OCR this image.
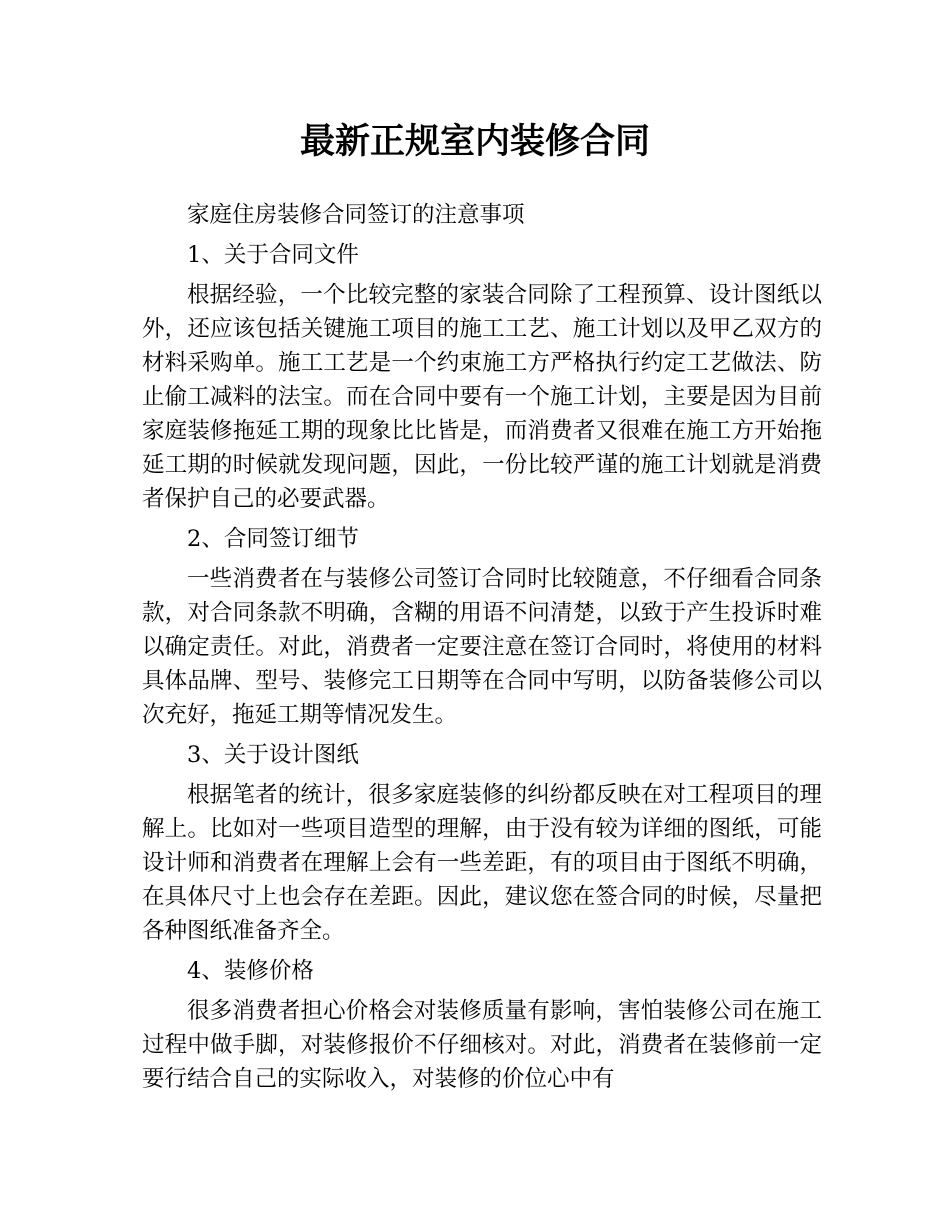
最新正规室内装修合同

家庭住房装修合同签订的注意事项

1、关于合同文件

根据经验，一个比较完整的家装合同除了工程预算、设计图纸以外，还应该包括关键施工项目的施工工艺、施工计划以及甲乙双方的材料采购单。施工工艺是一个约束施工方严格执行约定工艺做法、防止偷工减料的法宝。而在合同中要有一个施工计划，主要是因为目前家庭装修拖延工期的现象比比皆是，而消费者又很难在施工方开始拖延工期的时候就发现问题，因此，一份比较严谨的施工计划就是消费者保护自己的必要武器。

2、合同签订细节

一些消费者在与装修公司签订合同时比较随意，不仔细看合同条款，对合同条款不明确，含糊的用语不问清楚，以致于产生投诉时难以确定责任。对此，消费者一定要注意在签订合同时，将使用的材料具体品牌、型号、装修完工日期等在合同中写明，以防备装修公司以次充好，拖延工期等情况发生。

3、关于设计图纸

根据笔者的统计，很多家庭装修的纠纷都反映在对工程项目的理解上。比如对一些项目造型的理解，由于没有较为详细的图纸，可能设计师和消费者在理解上会有一些差距，有的项目由于图纸不明确，在具体尺寸上也会存在差距。因此，建议您在签合同的时候，尽量把各种图纸准备齐全。

4、装修价格

很多消费者担心价格会对装修质量有影响，害怕装修公司在施工过程中做手脚，对装修报价不仔细核对。对此，消费者在装修前一定要行结合自己的实际收入，对装修的价位心中有
